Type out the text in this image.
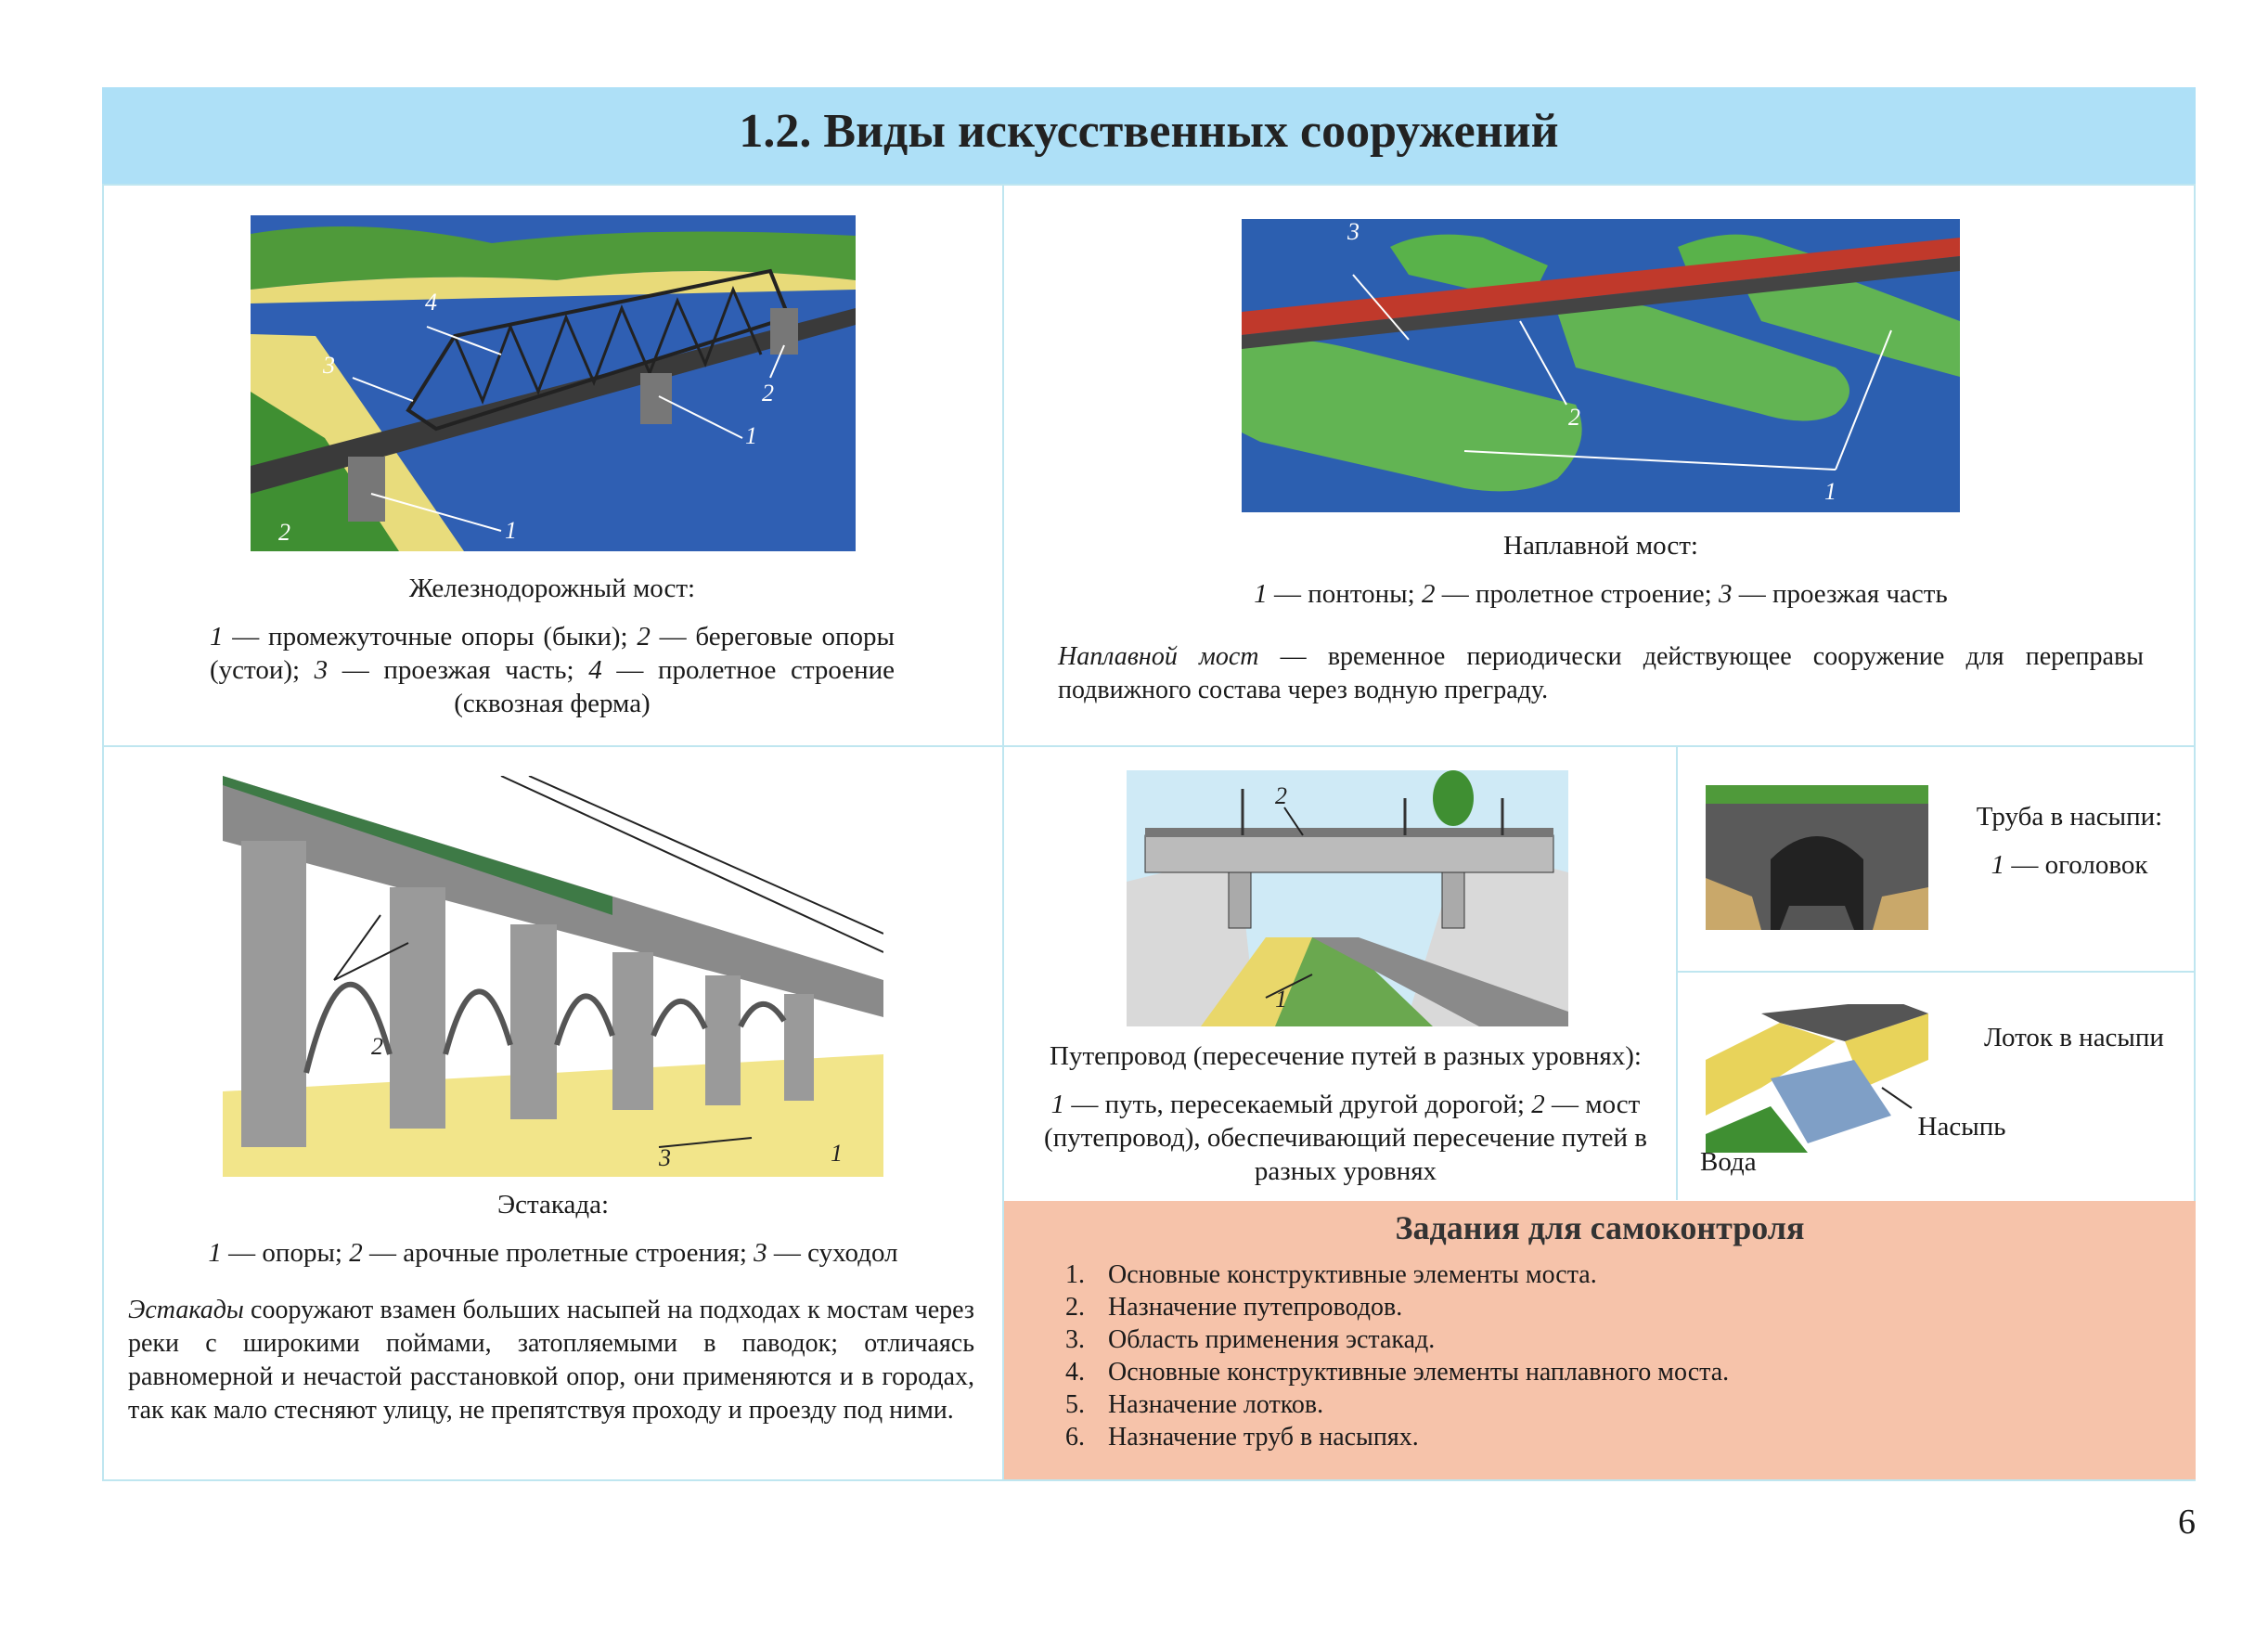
1.2. Виды искусственных сооружений
4
3
1
1
2
2
Железнодорожный мост:
1 — промежуточные опоры (быки); 2 — береговые опоры (устои); 3 — проезжая часть; 4 — пролетное строение (сквозная ферма)
3
2
1
Наплавной мост:
1 — понтоны; 2 — пролетное строение; 3 — проезжая часть
Наплавной мост — временное периодически действующее сооружение для переправы подвижного состава через водную преграду.
2
3	1
Эстакада:
1 — опоры; 2 — арочные пролетные строения; 3 — суходол
Эстакады сооружают взамен больших насыпей на подходах к мостам через реки с широкими поймами, затопляемыми в паводок; отличаясь равномерной и нечастой расстановкой опор, они применяются и в городах, так как мало стесняют улицу, не препятствуя проходу и проезду под ними.
2
1
Путепровод (пересечение путей в разных уровнях):
1 — путь, пересекаемый другой дорогой; 2 — мост (путепровод), обеспечивающий пересечение путей в разных уровнях
Труба в насыпи:
1 — оголовок
Лоток в насыпи
Насыпь
Вода
Задания для самоконтроля
1. Основные конструктивные элементы моста.
2. Назначение путепроводов.
3. Область применения эстакад.
4. Основные конструктивные элементы наплавного моста.
5. Назначение лотков.
6. Назначение труб в насыпях.
6
